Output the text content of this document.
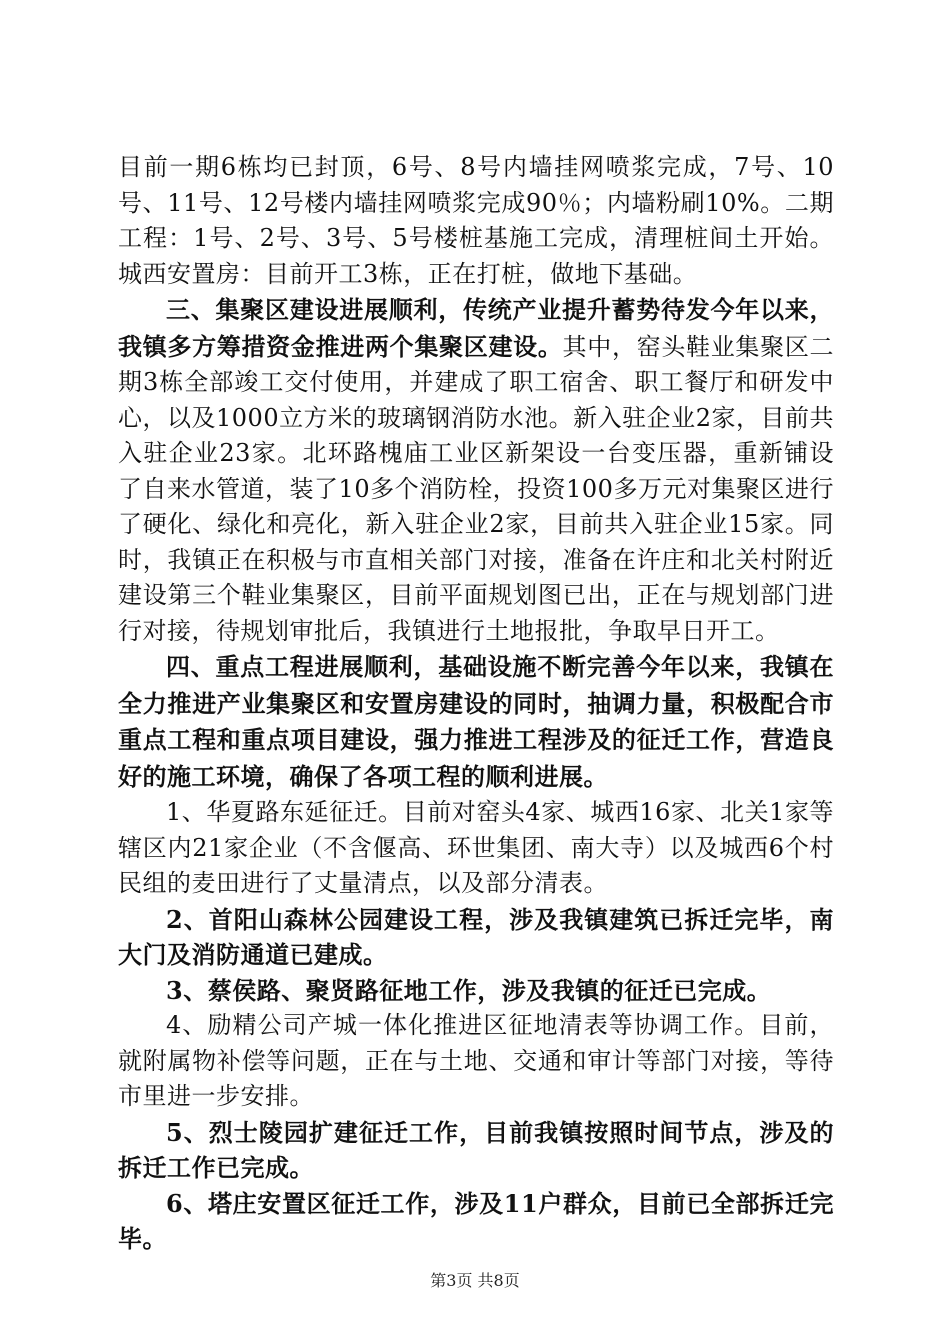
目前一期6栋均已封顶，6号、8号内墙挂网喷浆完成，7号、10号、11号、12号楼内墙挂网喷浆完成90％；内墙粉刷10%。二期工程：1号、2号、3号、5号楼桩基施工完成，清理桩间土开始。城西安置房：目前开工3栋，正在打桩，做地下基础。

三、集聚区建设进展顺利，传统产业提升蓄势待发今年以来，我镇多方筹措资金推进两个集聚区建设。其中，窑头鞋业集聚区二期3栋全部竣工交付使用，并建成了职工宿舍、职工餐厅和研发中心，以及1000立方米的玻璃钢消防水池。新入驻企业2家，目前共入驻企业23家。北环路槐庙工业区新架设一台变压器，重新铺设了自来水管道，装了10多个消防栓，投资100多万元对集聚区进行了硬化、绿化和亮化，新入驻企业2家，目前共入驻企业15家。同时，我镇正在积极与市直相关部门对接，准备在许庄和北关村附近建设第三个鞋业集聚区，目前平面规划图已出，正在与规划部门进行对接，待规划审批后，我镇进行土地报批，争取早日开工。

四、重点工程进展顺利，基础设施不断完善今年以来，我镇在全力推进产业集聚区和安置房建设的同时，抽调力量，积极配合市重点工程和重点项目建设，强力推进工程涉及的征迁工作，营造良好的施工环境，确保了各项工程的顺利进展。

1、华夏路东延征迁。目前对窑头4家、城西16家、北关1家等辖区内21家企业（不含偃高、环世集团、南大寺）以及城西6个村民组的麦田进行了丈量清点，以及部分清表。

2、首阳山森林公园建设工程，涉及我镇建筑已拆迁完毕，南大门及消防通道已建成。

3、蔡侯路、聚贤路征地工作，涉及我镇的征迁已完成。

4、励精公司产城一体化推进区征地清表等协调工作。目前，就附属物补偿等问题，正在与土地、交通和审计等部门对接，等待市里进一步安排。

5、烈士陵园扩建征迁工作，目前我镇按照时间节点，涉及的拆迁工作已完成。

6、塔庄安置区征迁工作，涉及11户群众，目前已全部拆迁完毕。

第3页 共8页
